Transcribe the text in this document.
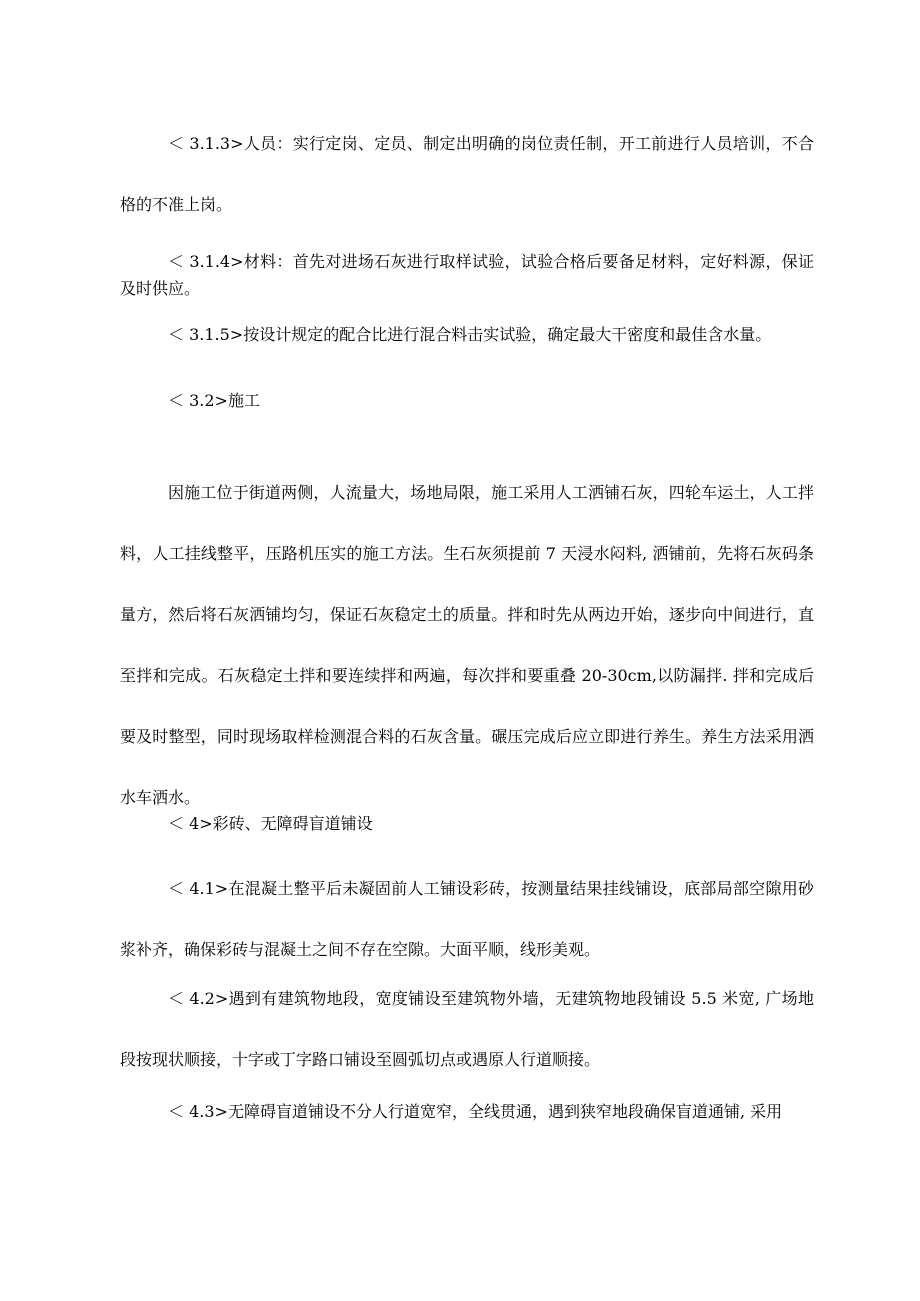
＜ 3.1.3>人员：实行定岗、定员、制定出明确的岗位责任制，开工前进行人员培训，不合格的不准上岗。

＜ 3.1.4>材料：首先对进场石灰进行取样试验，试验合格后要备足材料，定好料源，保证及时供应。

＜ 3.1.5>按设计规定的配合比进行混合料击实试验，确定最大干密度和最佳含水量。

＜ 3.2>施工

因施工位于街道两侧，人流量大，场地局限，施工采用人工洒铺石灰，四轮车运土，人工拌料，人工挂线整平，压路机压实的施工方法。生石灰须提前 7 天浸水闷料, 洒铺前，先将石灰码条量方，然后将石灰洒铺均匀，保证石灰稳定土的质量。拌和时先从两边开始，逐步向中间进行，直至拌和完成。石灰稳定土拌和要连续拌和两遍，每次拌和要重叠 20-30cm,以防漏拌. 拌和完成后要及时整型，同时现场取样检测混合料的石灰含量。碾压完成后应立即进行养生。养生方法采用洒水车洒水。

＜ 4>彩砖、无障碍盲道铺设

＜ 4.1>在混凝土整平后未凝固前人工铺设彩砖，按测量结果挂线铺设，底部局部空隙用砂浆补齐，确保彩砖与混凝土之间不存在空隙。大面平顺，线形美观。

＜ 4.2>遇到有建筑物地段，宽度铺设至建筑物外墙，无建筑物地段铺设 5.5 米宽, 广场地段按现状顺接，十字或丁字路口铺设至圆弧切点或遇原人行道顺接。

＜ 4.3>无障碍盲道铺设不分人行道宽窄，全线贯通，遇到狭窄地段确保盲道通铺, 采用
